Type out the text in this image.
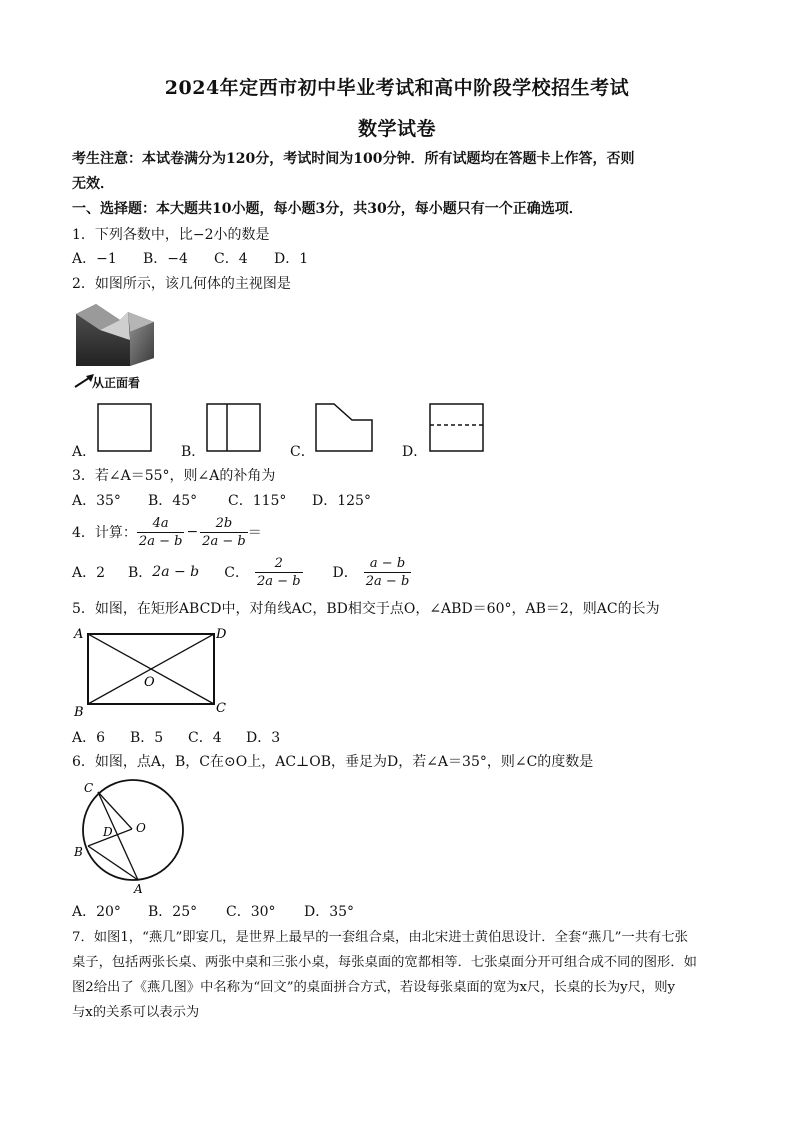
2024年定西市初中毕业考试和高中阶段学校招生考试
数学试卷
考生注意：本试卷满分为120分，考试时间为100分钟．所有试题均在答题卡上作答，否则
无效．
一、选择题：本大题共10小题，每小题3分，共30分，每小题只有一个正确选项．
1．下列各数中，比−2小的数是
A．−1 B．−4 C．4 D．1
2．如图所示，该几何体的主视图是
从正面看
A．	B．	C．	D．
3．若∠A＝55°，则∠A的补角为
A．35° B．45° C．115° D．125°
4．计算： $\frac{4a}{2a - b} - \frac{2b}{2a - b}$ ＝
A．2	B． 2a − b	C． $\frac{2}{2a - b}$ D． $\frac{a - b}{2a - b}$
5．如图，在矩形ABCD中，对角线AC，BD相交于点O，∠ABD＝60°，AB＝2，则AC的长为
A	D
B	C
O
A．6 B．5 C．4 D．3
6．如图，点A，B，C在⊙O上，AC⊥OB，垂足为D，若∠A＝35°，则∠C的度数是
C
O
D
B
A
A．20° B．25° C．30° D．35°
7．如图1，“燕几”即宴几，是世界上最早的一套组合桌，由北宋进士黄伯思设计．全套“燕几”一共有七张
桌子，包括两张长桌、两张中桌和三张小桌，每张桌面的宽都相等．七张桌面分开可组合成不同的图形．如
图2给出了《燕几图》中名称为“回文”的桌面拼合方式，若设每张桌面的宽为x尺，长桌的长为y尺，则y
与x的关系可以表示为
